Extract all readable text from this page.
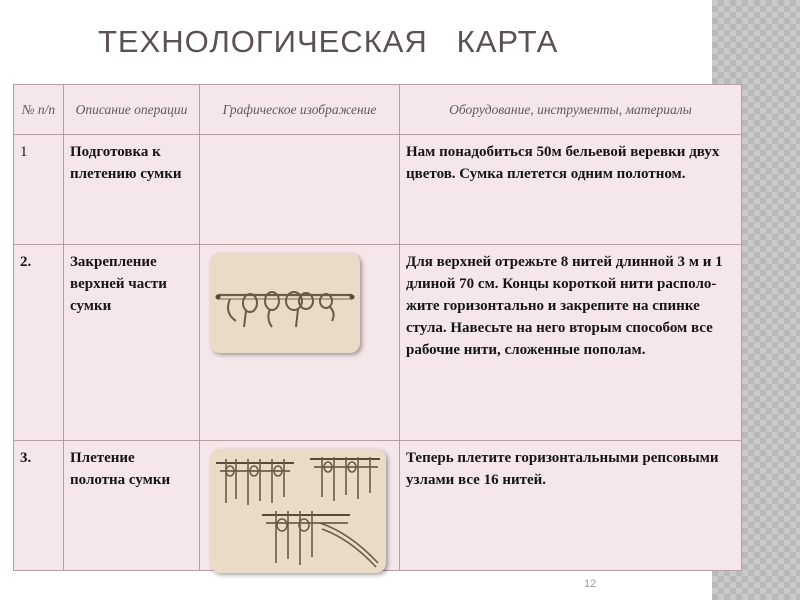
ТЕХНОЛОГИЧЕСКАЯ   КАРТА
№ п/п	Описание операции	Графическое изображение	Оборудование, инструменты, материалы
1	Подготовка к плетению сумки		Нам понадобиться 50м бельевой веревки двух цветов. Сумка плетется одним полотном.
2.	Закрепление верхней части сумки		Для верхней отрежьте 8 нитей длинной 3 м и 1 длиной 70 см. Концы короткой нити располо-жите горизонтально и закрепите на спинке стула. Навесьте на него вторым способом все рабочие нити, сложенные пополам.
3.	Плетение полотна сумки		Теперь плетите горизонтальными репсовыми узлами все 16 нитей.
12
